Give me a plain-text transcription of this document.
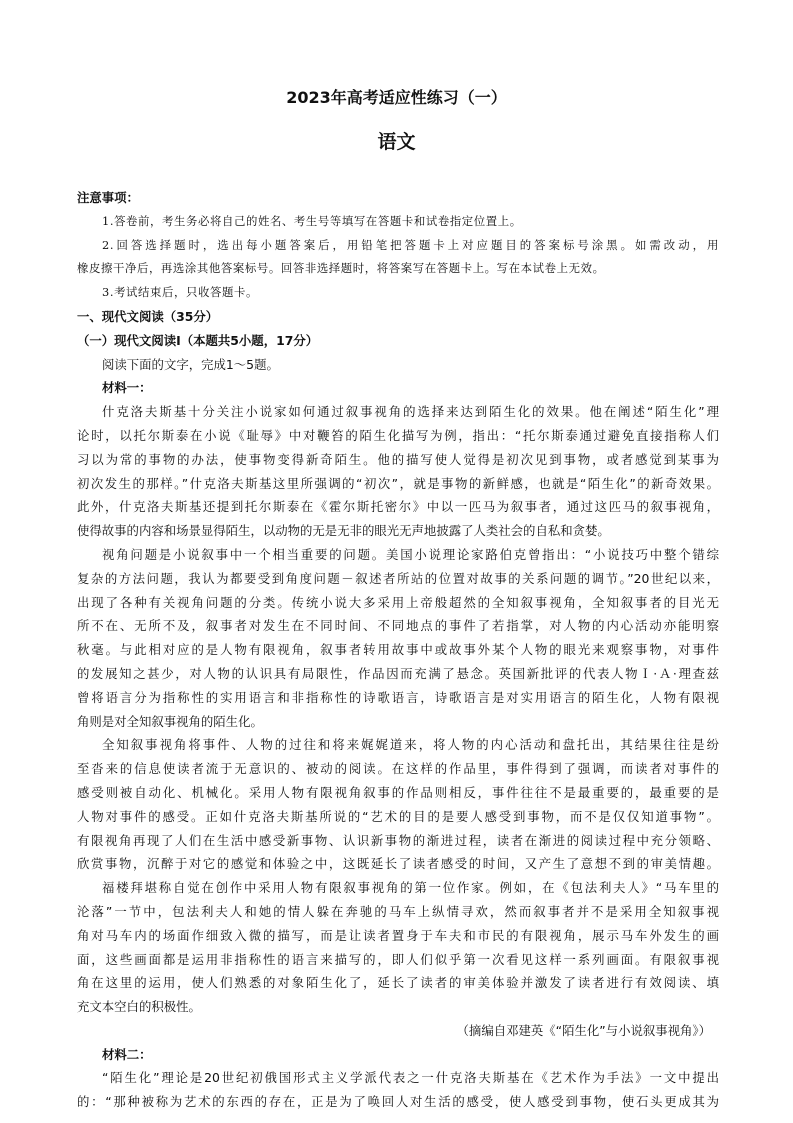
2023年高考适应性练习（一）
语文
注意事项：
1.答卷前，考生务必将自己的姓名、考生号等填写在答题卡和试卷指定位置上。
2.回答选择题时，选出每小题答案后，用铅笔把答题卡上对应题目的答案标号涂黑。如需改动，用
橡皮擦干净后，再选涂其他答案标号。回答非选择题时，将答案写在答题卡上。写在本试卷上无效。
3.考试结束后，只收答题卡。
一、现代文阅读（35分）
（一）现代文阅读Ⅰ（本题共5小题，17分）
阅读下面的文字，完成1～5题。
材料一：
什克洛夫斯基十分关注小说家如何通过叙事视角的选择来达到陌生化的效果。他在阐述“陌生化”理
论时，以托尔斯泰在小说《耻辱》中对鞭笞的陌生化描写为例，指出：“托尔斯泰通过避免直接指称人们
习以为常的事物的办法，使事物变得新奇陌生。他的描写使人觉得是初次见到事物，或者感觉到某事为
初次发生的那样。”什克洛夫斯基这里所强调的“初次”，就是事物的新鲜感，也就是“陌生化”的新奇效果。
此外，什克洛夫斯基还提到托尔斯泰在《霍尔斯托密尔》中以一匹马为叙事者，通过这匹马的叙事视角，
使得故事的内容和场景显得陌生，以动物的无是无非的眼光无声地披露了人类社会的自私和贪婪。
视角问题是小说叙事中一个相当重要的问题。美国小说理论家路伯克曾指出：“小说技巧中整个错综
复杂的方法问题，我认为都要受到角度问题－叙述者所站的位置对故事的关系问题的调节。”20世纪以来，
出现了各种有关视角问题的分类。传统小说大多采用上帝般超然的全知叙事视角，全知叙事者的目光无
所不在、无所不及，叙事者对发生在不同时间、不同地点的事件了若指掌，对人物的内心活动亦能明察
秋毫。与此相对应的是人物有限视角，叙事者转用故事中或故事外某个人物的眼光来观察事物，对事件
的发展知之甚少，对人物的认识具有局限性，作品因而充满了悬念。英国新批评的代表人物Ｉ·Ａ·理查兹
曾将语言分为指称性的实用语言和非指称性的诗歌语言，诗歌语言是对实用语言的陌生化，人物有限视
角则是对全知叙事视角的陌生化。
全知叙事视角将事件、人物的过往和将来娓娓道来，将人物的内心活动和盘托出，其结果往往是纷
至沓来的信息使读者流于无意识的、被动的阅读。在这样的作品里，事件得到了强调，而读者对事件的
感受则被自动化、机械化。采用人物有限视角叙事的作品则相反，事件往往不是最重要的，最重要的是
人物对事件的感受。正如什克洛夫斯基所说的“艺术的目的是要人感受到事物，而不是仅仅知道事物”。
有限视角再现了人们在生活中感受新事物、认识新事物的渐进过程，读者在渐进的阅读过程中充分领略、
欣赏事物，沉醉于对它的感觉和体验之中，这既延长了读者感受的时间，又产生了意想不到的审美情趣。
福楼拜堪称自觉在创作中采用人物有限叙事视角的第一位作家。例如，在《包法利夫人》“马车里的
沦落”一节中，包法利夫人和她的情人躲在奔驰的马车上纵情寻欢，然而叙事者并不是采用全知叙事视
角对马车内的场面作细致入微的描写，而是让读者置身于车夫和市民的有限视角，展示马车外发生的画
面，这些画面都是运用非指称性的语言来描写的，即人们似乎第一次看见这样一系列画面。有限叙事视
角在这里的运用，使人们熟悉的对象陌生化了，延长了读者的审美体验并激发了读者进行有效阅读、填
充文本空白的积极性。
（摘编自邓建英《“陌生化”与小说叙事视角》）
材料二：
“陌生化”理论是20世纪初俄国形式主义学派代表之一什克洛夫斯基在《艺术作为手法》一文中提出
的：“那种被称为艺术的东西的存在，正是为了唤回人对生活的感受，使人感受到事物，使石头更成其为
